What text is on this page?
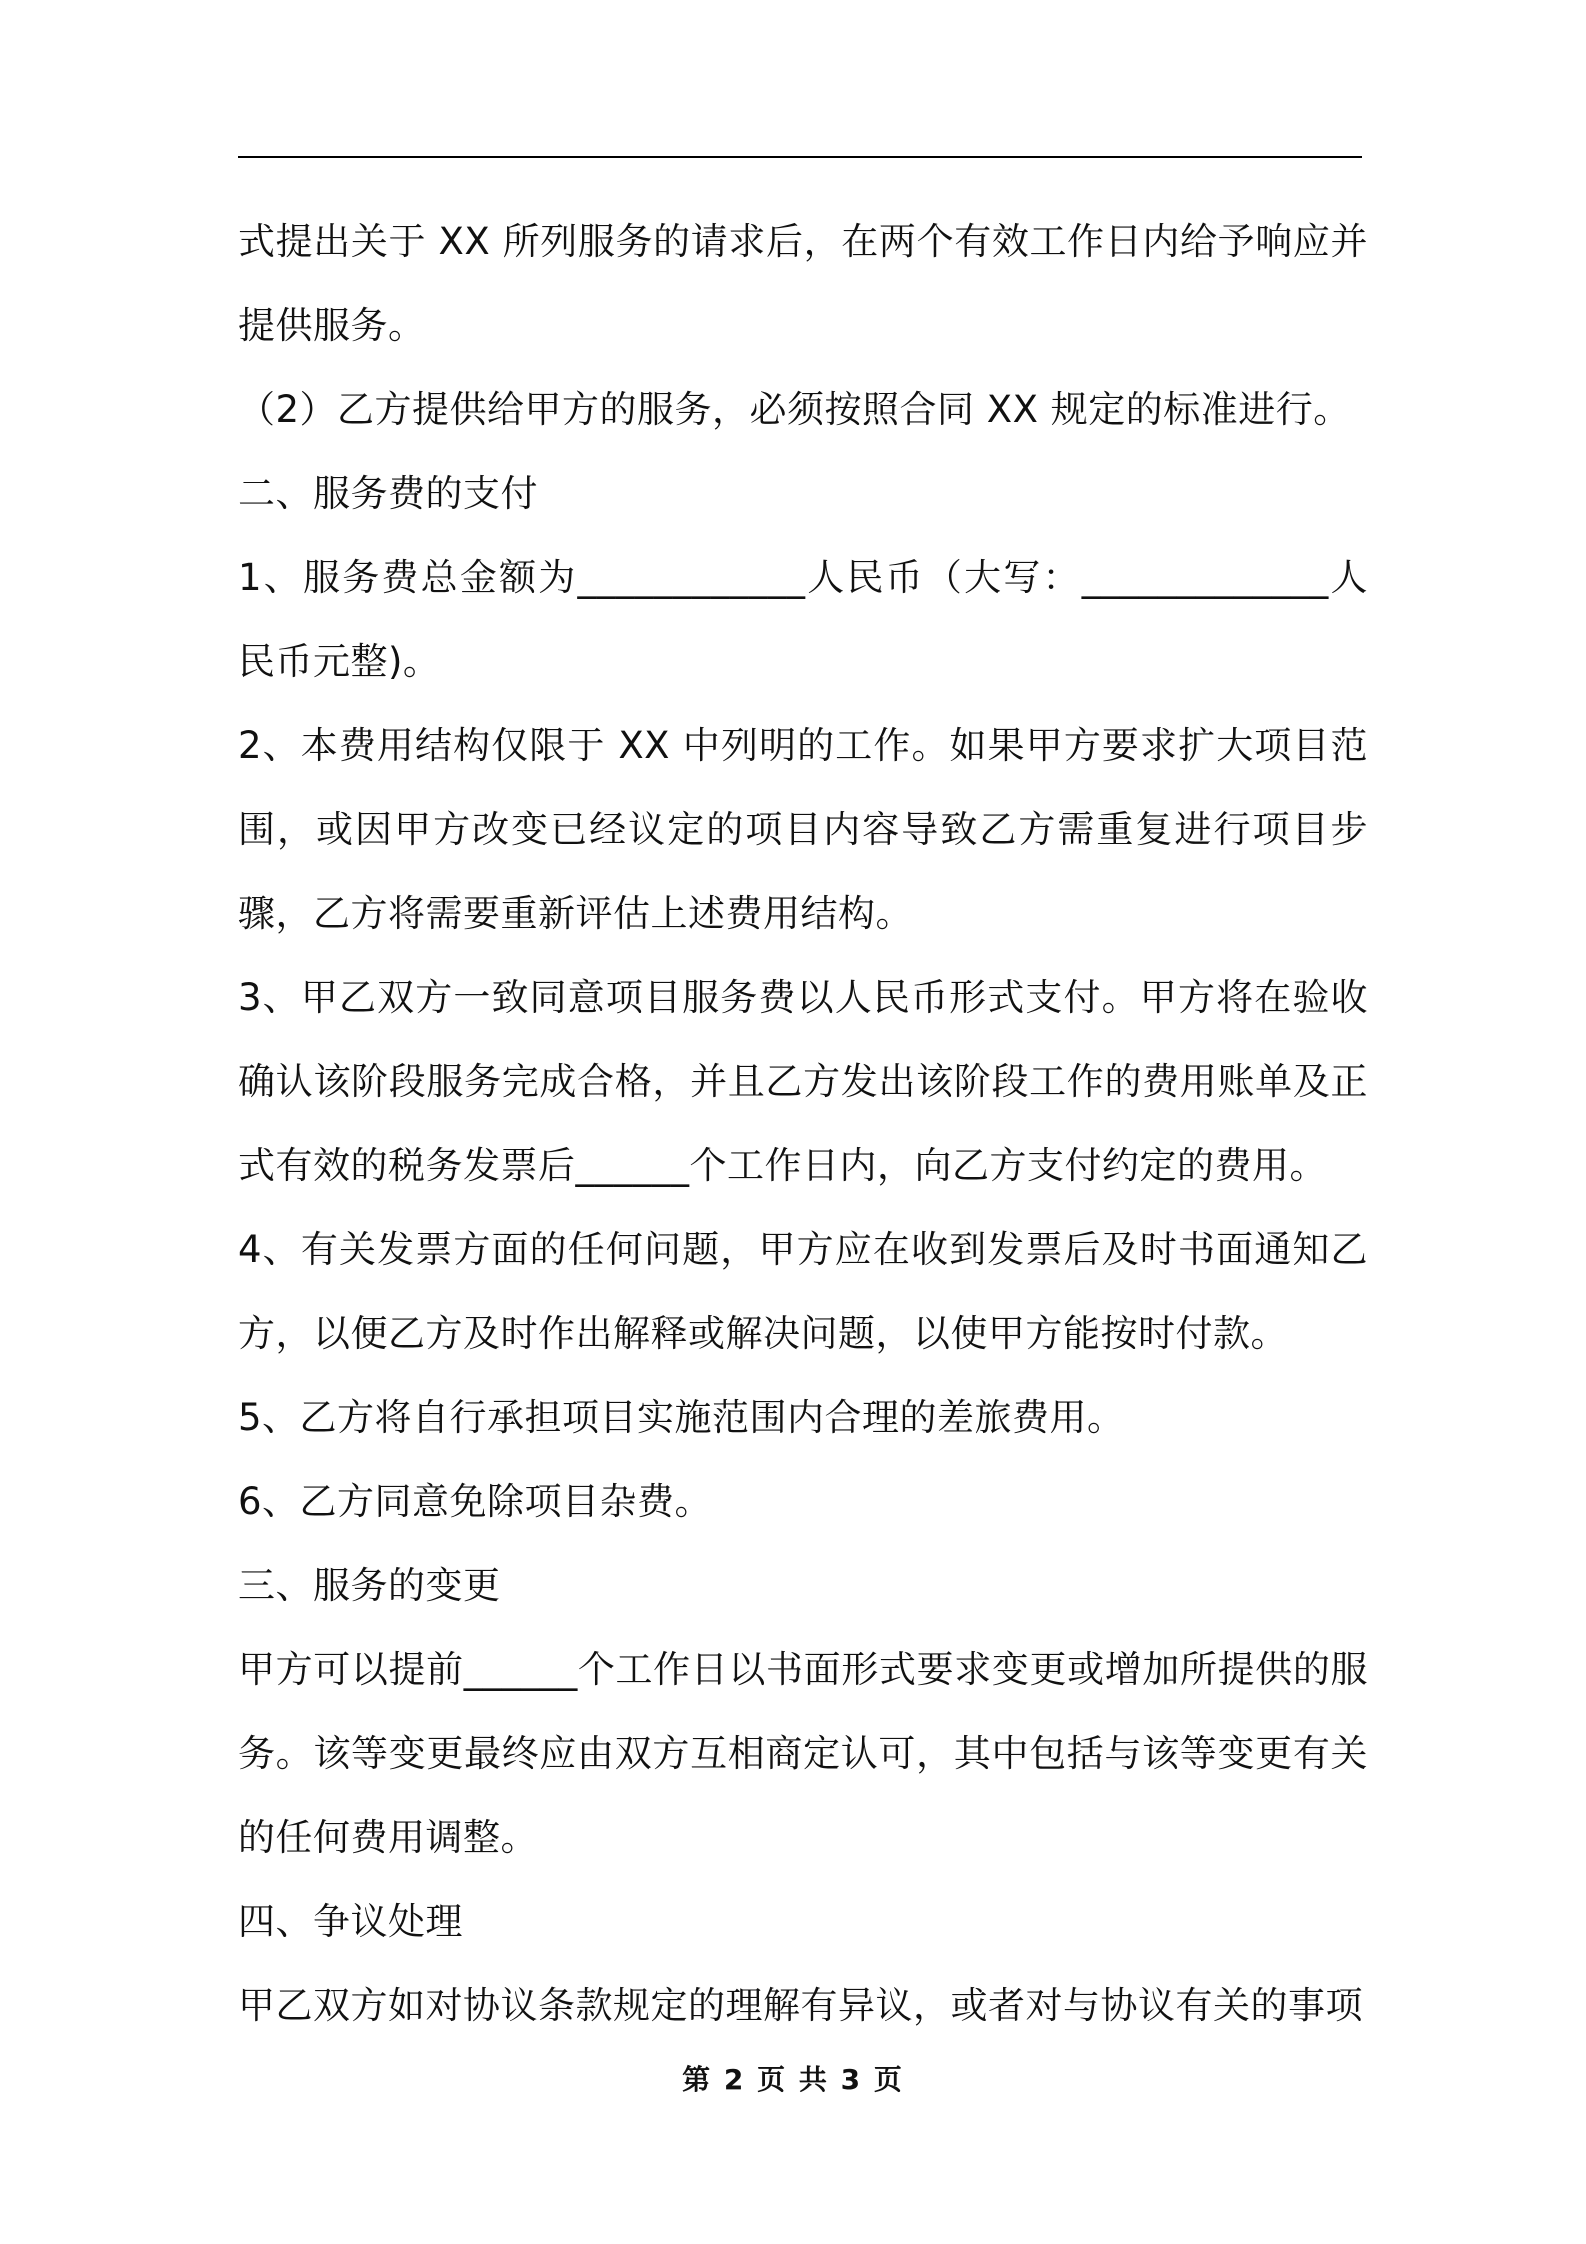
式提出关于 XX 所列服务的请求后，在两个有效工作日内给予响应并提供服务。

（2）乙方提供给甲方的服务，必须按照合同 XX 规定的标准进行。

二、服务费的支付

1、服务费总金额为____________人民币（大写：_____________人民币元整)。

2、本费用结构仅限于 XX 中列明的工作。如果甲方要求扩大项目范围，或因甲方改变已经议定的项目内容导致乙方需重复进行项目步骤，乙方将需要重新评估上述费用结构。

3、甲乙双方一致同意项目服务费以人民币形式支付。甲方将在验收确认该阶段服务完成合格，并且乙方发出该阶段工作的费用账单及正式有效的税务发票后______个工作日内，向乙方支付约定的费用。

4、有关发票方面的任何问题，甲方应在收到发票后及时书面通知乙方，以便乙方及时作出解释或解决问题，以使甲方能按时付款。

5、乙方将自行承担项目实施范围内合理的差旅费用。

6、乙方同意免除项目杂费。

三、服务的变更

甲方可以提前______个工作日以书面形式要求变更或增加所提供的服务。该等变更最终应由双方互相商定认可，其中包括与该等变更有关的任何费用调整。

四、争议处理

甲乙双方如对协议条款规定的理解有异议，或者对与协议有关的事项

第 2 页 共 3 页
